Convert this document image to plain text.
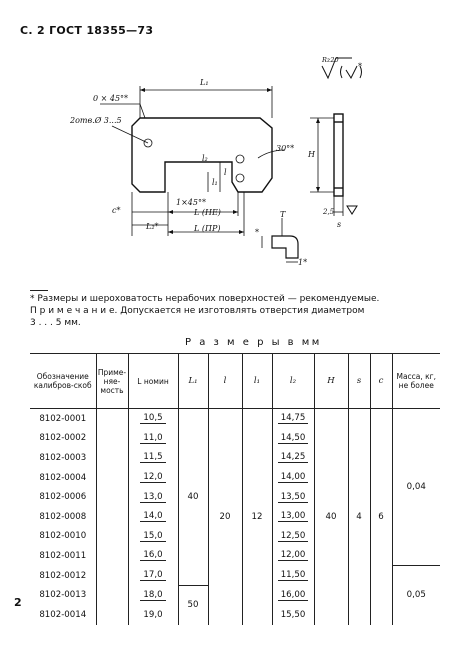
С. 2 ГОСТ 18355—73
Rz20
*
L₁
0 × 45°*
2отв.Ø 3...5
30°*
H
2,5
s
c*
1×45°*
L (НЕ)
L (ПР)
L₂*
l
l₁
l₂
T
1*
*
* Размеры и шероховатость нерабочих поверхностей — рекомендуемые.
П р и м е ч а н и е. Допускается не изготовлять отверстия диаметром
3 . . . 5 мм.
Р а з м е р ы в мм
Обозначение калибров-скоб	Применяемость	L номин	L₁	l	l₁	l₂	H	s	c	Масса, кг, не более
8102-0001		10,5	40	20	12	14,75	40	4	6	0,04
8102-0002		11,0				14,50				
8102-0003		11,5				14,25				
8102-0004		12,0				14,00				
8102-0006		13,0				13,50				
8102-0008		14,0				13,00				
8102-0010		15,0				12,50				
8102-0011		16,0				12,00				
8102-0012		17,0				11,50				0,05
8102-0013		18,0	50			16,00				
8102-0014		19,0				15,50				
2
